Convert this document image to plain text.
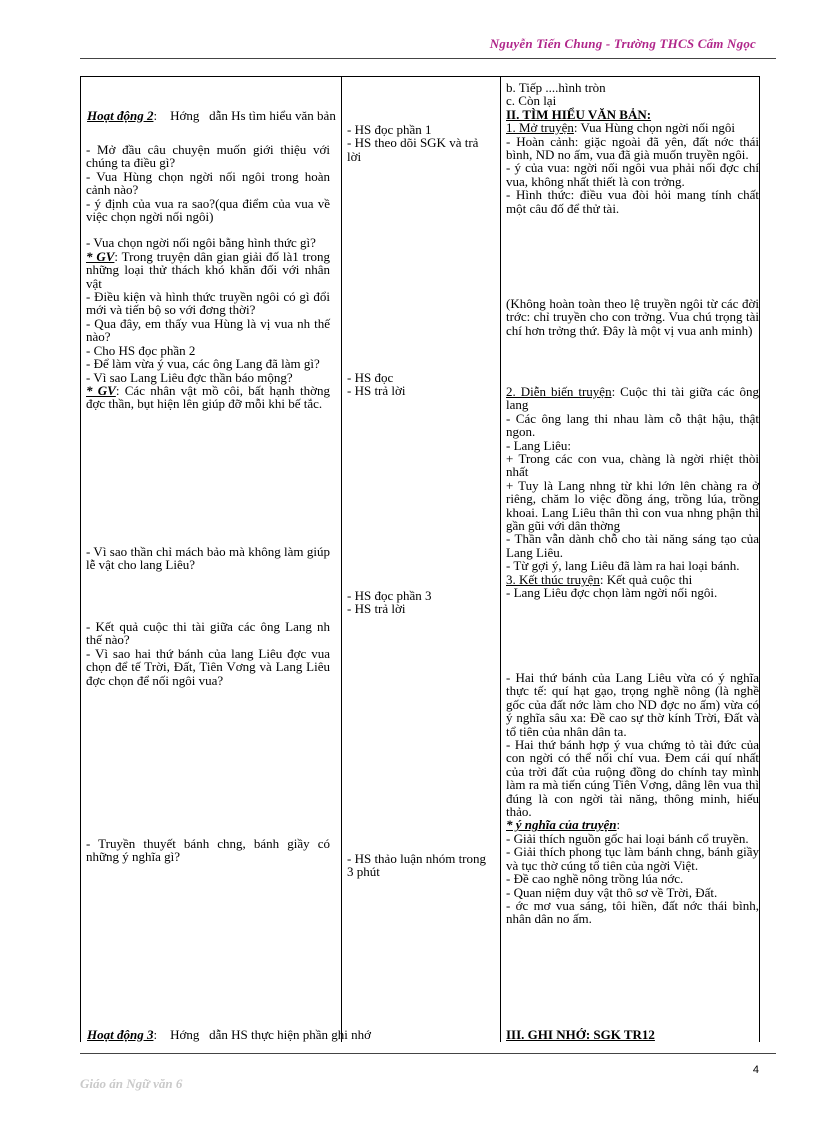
Nguyễn Tiến Chung - Trường THCS Cẩm Ngọc
Hoạt động 2:    Hớng   dẫn Hs tìm hiểu văn bản

- Mở đầu câu chuyện muốn giới thiệu với chúng ta điều gì?

- Vua Hùng chọn ngời nối ngôi trong hoàn cảnh nào?

- ý định của vua ra sao?(qua điểm của vua về việc chọn ngời nối ngôi)

- Vua chọn ngời nối ngôi bằng hình thức gì?

* GV: Trong truyện dân gian giải đố là1 trong những loại thử thách khó khăn đối với nhân vật

- Điều kiện và hình thức truyền ngôi có gì đổi mới và tiến bộ so với đơng thời?

- Qua đây, em thấy vua Hùng là vị vua nh thế nào?

- Cho HS đọc phần 2

- Để làm vừa ý vua, các ông Lang đã làm gì?

- Vì sao Lang Liêu đợc thần báo mộng?

* GV: Các nhân vật mồ côi, bất hạnh thờng đợc thần, bụt hiện lên giúp đỡ mỗi khi bế tắc.

- Vì sao thần chỉ mách bảo mà không làm giúp lễ vật cho lang Liêu?

- Kết quả cuộc thi tài giữa các ông Lang nh thế nào?

- Vì sao hai thứ bánh của lang Liêu đợc vua chọn để tế Trời, Đất, Tiên Vơng và Lang Liêu đợc chọn để nối ngôi vua?

- Truyền thuyết bánh chng, bánh giầy có những ý nghĩa gì?

- HS đọc phần 1

- HS theo dõi SGK và trả lời

- HS đọc

- HS trả lời

- HS đọc phần 3

- HS trả lời

- HS thảo luận nhóm trong 3 phút

b. Tiếp ....hình tròn

c. Còn lại

II. TÌM HIỂU VĂN BẢN:

1. Mở truyện: Vua Hùng chọn ngời nối ngôi

- Hoàn cảnh: giặc ngoài đã yên, đất nớc thái bình, ND no ấm, vua đã già muốn truyền ngôi.

- ý của vua: ngời nối ngôi vua phải nối đợc chí vua, không nhất thiết là con trởng.

- Hình thức: điều vua đòi hỏi mang tính chất một câu đố để thử tài.

(Không hoàn toàn theo lệ truyền ngôi từ các đời trớc: chỉ truyền cho con trởng. Vua chú trọng tài chí hơn trởng thứ. Đây là một vị vua anh minh)

2. Diễn biến truyện: Cuộc thi tài giữa các ông lang

- Các ông lang thi nhau làm cỗ thật hậu, thật ngon.

- Lang Liêu:

+ Trong các con vua, chàng là ngời rhiệt thòi nhất

+ Tuy là Lang nhng từ khi lớn lên chàng ra ở riêng, chăm lo việc đồng áng, trồng lúa, trồng khoai. Lang Liêu thân thì con vua nhng phận thì gần gũi với dân thờng

- Thần vẫn dành chỗ cho tài năng sáng tạo của Lang Liêu.

- Từ gợi ý, lang Liêu đã làm ra hai loại bánh.

3. Kết thúc truyện: Kết quả cuộc thi

- Lang Liêu đợc chọn làm ngời nối ngôi.

- Hai thứ bánh của Lang Liêu vừa có ý nghĩa thực tế: quí hạt gạo, trọng nghề nông (là nghề gốc của đất nớc làm cho ND đợc no ấm) vừa có ý nghĩa sâu xa: Đề cao sự thờ kính Trời, Đất và tổ tiên của nhân dân ta.

- Hai thứ bánh hợp ý vua chứng tỏ tài đức của con ngời có thể nối chí vua. Đem cái quí nhất của trời đất của ruộng đồng do chính tay mình làm ra mà tiến cúng Tiên Vơng, dâng lên vua thì đúng là con ngời tài năng, thông minh, hiếu thảo.

* ý nghĩa của truyện:

- Giải thích nguồn gốc hai loại bánh cổ truyền.

- Giải thích phong tục làm bánh chng, bánh giầy và tục thờ cúng tổ tiên của ngời Việt.

- Đề cao nghề nông trồng lúa nớc.

- Quan niệm duy vật thô sơ về Trời, Đất.

- ớc mơ vua sáng, tôi hiền, đất nớc thái bình, nhân dân no ấm.

Hoạt động 3:    Hớng   dẫn HS thực hiện phần ghi nhớ	III. GHI NHỚ: SGK TR12

4
Giáo án Ngữ văn 6
